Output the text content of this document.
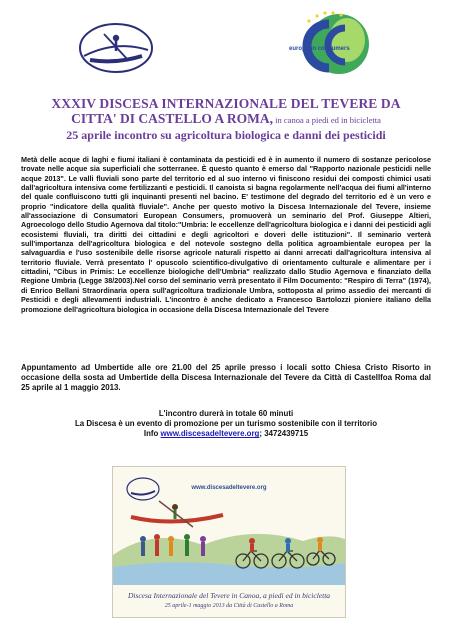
european consumers
XXXIV DISCESA INTERNAZIONALE DEL TEVERE DA
CITTA' DI CASTELLO A ROMA, in canoa a piedi ed in bicicletta
25 aprile incontro su agricoltura biologica e danni dei pesticidi
Metà delle acque di laghi e fiumi italiani è contaminata da pesticidi ed è in aumento il numero di sostanze pericolose trovate nelle acque sia superficiali che sotterranee. È questo quanto è emerso dal "Rapporto nazionale pesticidi nelle acque 2013". Le valli fluviali sono parte del territorio ed al suo interno vi finiscono residui dei composti chimici usati dall'agricoltura intensiva come fertilizzanti e pesticidi. Il canoista si bagna regolarmente nell'acqua dei fiumi all'interno del quale confluiscono tutti gli inquinanti presenti nel bacino. E' testimone del degrado del territorio ed è un vero e proprio "indicatore della qualità fluviale". Anche per questo motivo la Discesa Internazionale del Tevere, insieme all'associazione di Consumatori European Consumers, promuoverà un seminario del Prof. Giuseppe Altieri, Agroecologo dello Studio Agernova dal titolo:"Umbria: le eccellenze dell'agricoltura biologica e i danni dei pesticidi agli ecosistemi fluviali, tra diritti dei cittadini e degli agricoltori e doveri delle istituzioni". Il seminario verterà sull'importanza dell'agricoltura biologica e del notevole sostegno della politica agroambientale europea per la salvaguardia e l'uso sostenibile delle risorse agricole naturali rispetto ai danni arrecati dall'agricoltura intensiva al territorio fluviale. Verrà presentato l' opuscolo scientifico-divulgativo di orientamento culturale e alimentare per i cittadini, "Cibus in Primis: Le eccellenze biologiche dell'Umbria" realizzato dallo Studio Agernova e finanziato della Regione Umbria (Legge 38/2003).Nel corso del seminario verrà presentato il Film Documento: "Respiro di Terra" (1974), di Enrico Bellani Straordinaria opera sull'agricoltura tradizionale Umbra, sottoposta al primo assedio dei mercanti di Pesticidi e degli allevamenti industriali. L'incontro è anche dedicato a Francesco Bartolozzi pioniere italiano della promozione dell'agricoltura biologica in occasione della Discesa Internazionale del Tevere
Appuntamento ad Umbertide alle ore 21.00 del 25 aprile presso i locali sotto Chiesa Cristo Risorto in occasione della sosta ad Umbertide della Discesa Internazionale del Tevere da Città di Castellfoa Roma dal 25 aprile al 1 maggio 2013.
L'incontro durerà in totale 60 minuti
La Discesa è un evento di promozione per un turismo sostenibile con il territorio
Info www.discesadeltevere.org; 3472439715
www.discesadeltevere.org
Discesa Internazionale del Tevere in Canoa, a piedi ed in bicicletta
25 aprile-1 maggio 2013 da Città di Castello a Roma
